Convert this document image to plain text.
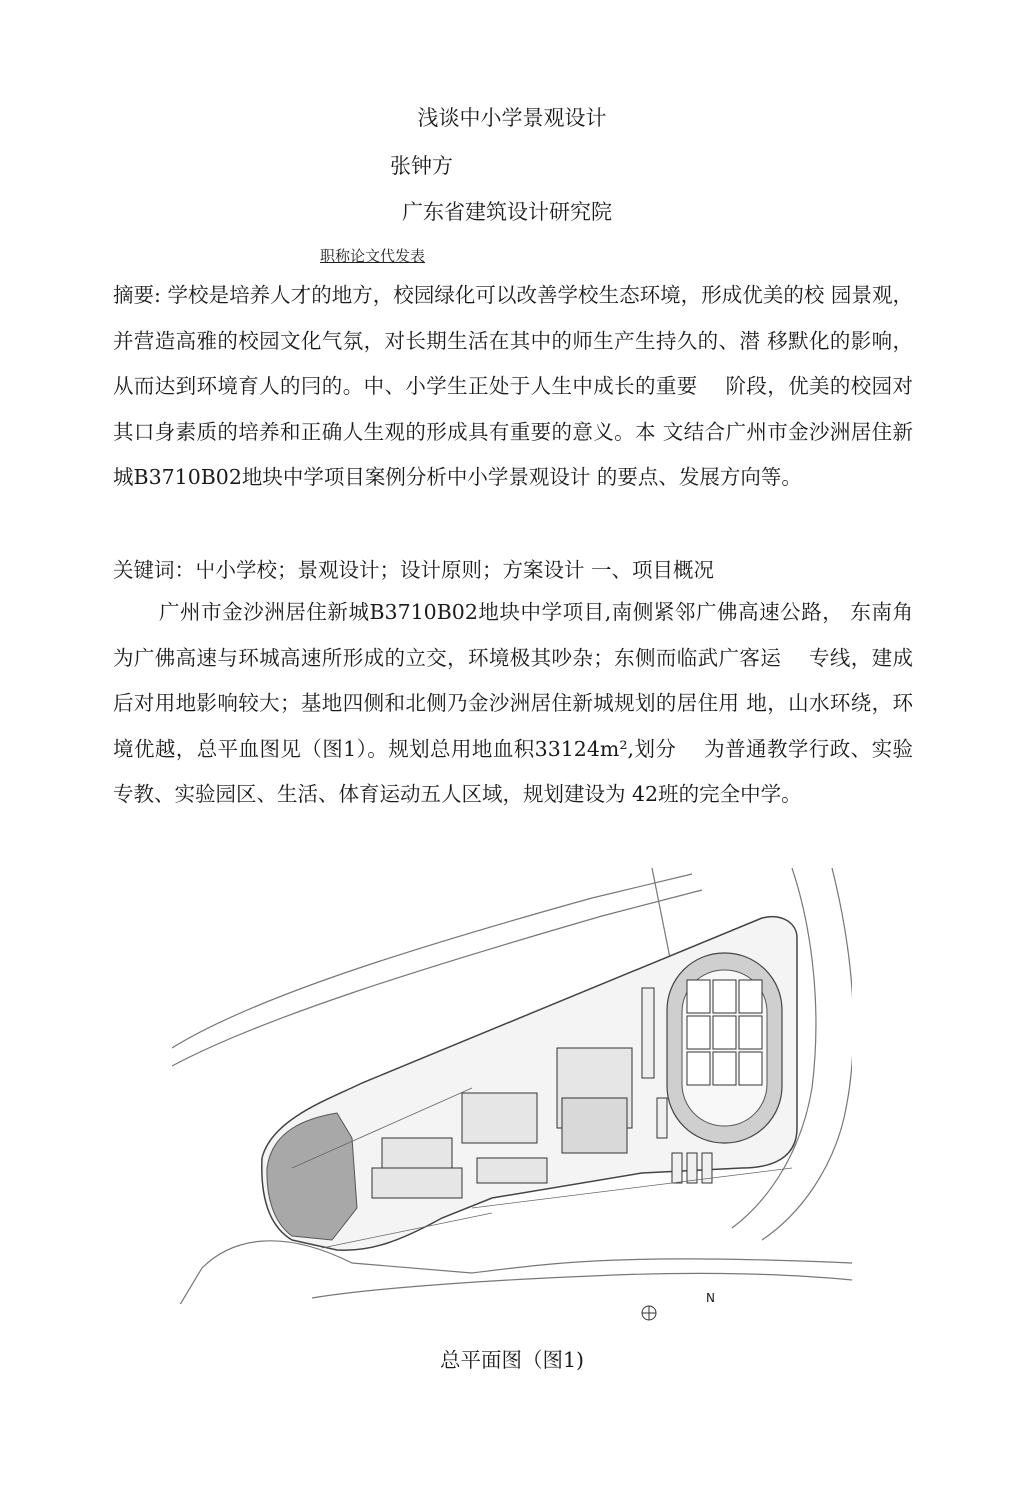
浅谈中小学景观设计
张钟方
广东省建筑设计研究院
职称论文代发表

摘要: 学校是培养人才的地方，校园绿化可以改善学校生态环境，形成优美的校 园景观，并营造高雅的校园文化气氛，对长期生活在其中的师生产生持久的、潜 移默化的影响，从而达到环境育人的冃的。中、小学生正处于人生中成长的重要　 阶段，优美的校园对其口身素质的培养和正确人生观的形成具有重要的意义。本 文结合广州市金沙洲居住新城B3710B02地块中学项目案例分析中小学景观设计 的要点、发展方向等。

关键词：屮小学校；景观设计；设计原则；方案设计 一、项目概况

广州市金沙洲居住新城B3710B02地块中学项目,南侧紧邻广佛高速公路， 东南角为广佛高速与环城高速所形成的立交，环境极其吵杂；东侧而临武广客运　 专线，建成后对用地影响较大；基地四侧和北侧乃金沙洲居住新城规划的居住用 地，山水环绕，环境优越，总平血图见（图1）。规划总用地血积33124m²,划分　 为普通教学行政、实验专教、实验园区、生活、体育运动五人区域，规划建设为 42班的完全中学。

N
总平面图（图1)
